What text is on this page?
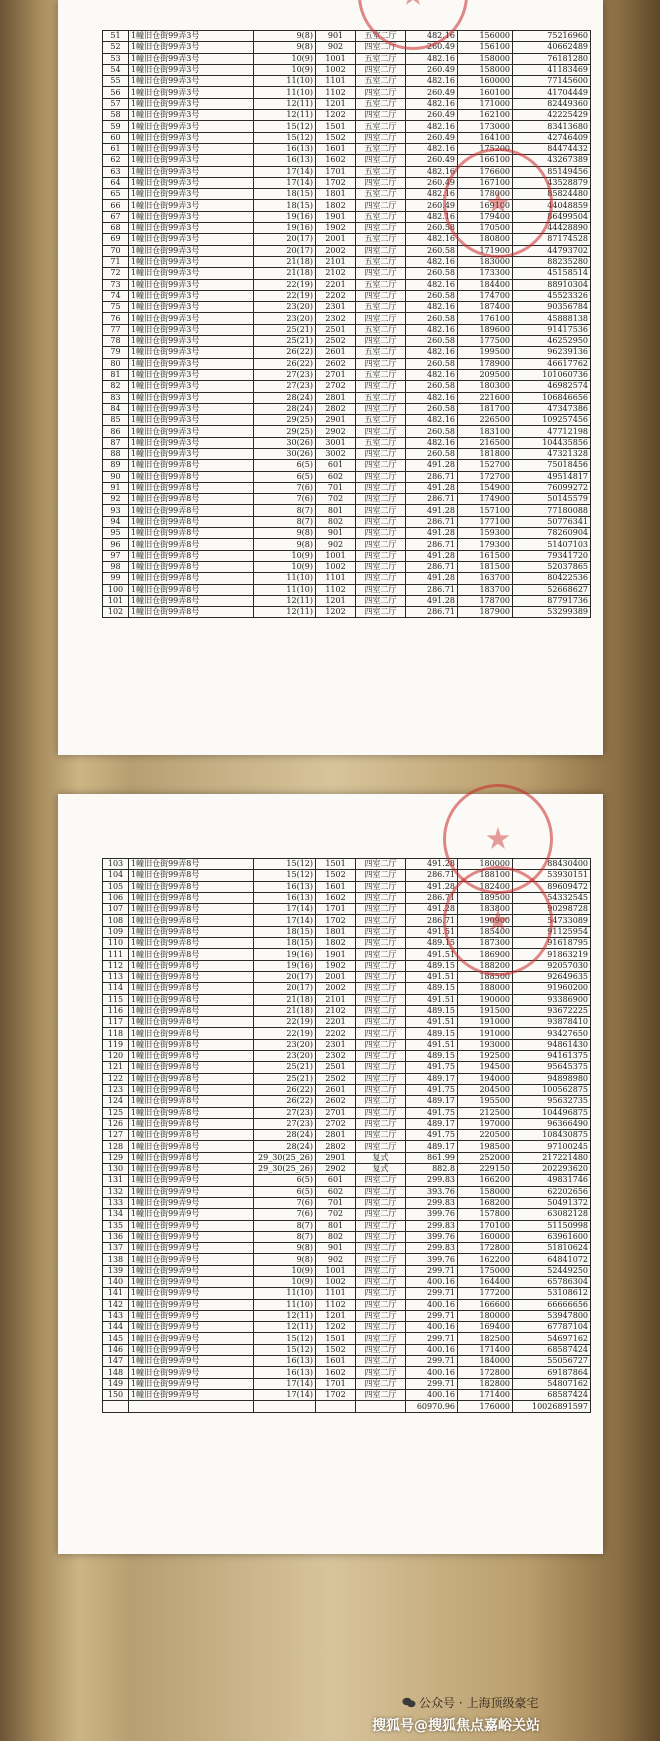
51	1幢旧仓街99弄3号	9(8)	901	五室二厅	482.16	156000	75216960
52	1幢旧仓街99弄3号	9(8)	902	四室二厅	260.49	156100	40662489
53	1幢旧仓街99弄3号	10(9)	1001	五室二厅	482.16	158000	76181280
54	1幢旧仓街99弄3号	10(9)	1002	四室二厅	260.49	158000	41183469
55	1幢旧仓街99弄3号	11(10)	1101	五室二厅	482.16	160000	77145600
56	1幢旧仓街99弄3号	11(10)	1102	四室二厅	260.49	160100	41704449
57	1幢旧仓街99弄3号	12(11)	1201	五室二厅	482.16	171000	82449360
58	1幢旧仓街99弄3号	12(11)	1202	四室二厅	260.49	162100	42225429
59	1幢旧仓街99弄3号	15(12)	1501	五室二厅	482.16	173000	83413680
60	1幢旧仓街99弄3号	15(12)	1502	四室二厅	260.49	164100	42746409
61	1幢旧仓街99弄3号	16(13)	1601	五室二厅	482.16	175200	84474432
62	1幢旧仓街99弄3号	16(13)	1602	四室二厅	260.49	166100	43267389
63	1幢旧仓街99弄3号	17(14)	1701	五室二厅	482.16	176600	85149456
64	1幢旧仓街99弄3号	17(14)	1702	四室二厅	260.49	167100	43528879
65	1幢旧仓街99弄3号	18(15)	1801	五室二厅	482.16	178000	85824480
66	1幢旧仓街99弄3号	18(15)	1802	四室二厅	260.49	169100	44048859
67	1幢旧仓街99弄3号	19(16)	1901	五室二厅	482.16	179400	86499504
68	1幢旧仓街99弄3号	19(16)	1902	四室二厅	260.58	170500	44428890
69	1幢旧仓街99弄3号	20(17)	2001	五室二厅	482.16	180800	87174528
70	1幢旧仓街99弄3号	20(17)	2002	四室二厅	260.58	171900	44793702
71	1幢旧仓街99弄3号	21(18)	2101	五室二厅	482.16	183000	88235280
72	1幢旧仓街99弄3号	21(18)	2102	四室二厅	260.58	173300	45158514
73	1幢旧仓街99弄3号	22(19)	2201	五室二厅	482.16	184400	88910304
74	1幢旧仓街99弄3号	22(19)	2202	四室二厅	260.58	174700	45523326
75	1幢旧仓街99弄3号	23(20)	2301	五室二厅	482.16	187400	90356784
76	1幢旧仓街99弄3号	23(20)	2302	四室二厅	260.58	176100	45888138
77	1幢旧仓街99弄3号	25(21)	2501	五室二厅	482.16	189600	91417536
78	1幢旧仓街99弄3号	25(21)	2502	四室二厅	260.58	177500	46252950
79	1幢旧仓街99弄3号	26(22)	2601	五室二厅	482.16	199500	96239136
80	1幢旧仓街99弄3号	26(22)	2602	四室二厅	260.58	178900	46617762
81	1幢旧仓街99弄3号	27(23)	2701	五室二厅	482.16	209500	101060736
82	1幢旧仓街99弄3号	27(23)	2702	四室二厅	260.58	180300	46982574
83	1幢旧仓街99弄3号	28(24)	2801	五室二厅	482.16	221600	106846656
84	1幢旧仓街99弄3号	28(24)	2802	四室二厅	260.58	181700	47347386
85	1幢旧仓街99弄3号	29(25)	2901	五室二厅	482.16	226500	109257456
86	1幢旧仓街99弄3号	29(25)	2902	四室二厅	260.58	183100	47712198
87	1幢旧仓街99弄3号	30(26)	3001	五室二厅	482.16	216500	104435856
88	1幢旧仓街99弄3号	30(26)	3002	四室二厅	260.58	181800	47321328
89	1幢旧仓街99弄8号	6(5)	601	四室二厅	491.28	152700	75018456
90	1幢旧仓街99弄8号	6(5)	602	四室二厅	286.71	172700	49514817
91	1幢旧仓街99弄8号	7(6)	701	四室二厅	491.28	154900	76099272
92	1幢旧仓街99弄8号	7(6)	702	四室二厅	286.71	174900	50145579
93	1幢旧仓街99弄8号	8(7)	801	四室二厅	491.28	157100	77180088
94	1幢旧仓街99弄8号	8(7)	802	四室二厅	286.71	177100	50776341
95	1幢旧仓街99弄8号	9(8)	901	四室二厅	491.28	159300	78260904
96	1幢旧仓街99弄8号	9(8)	902	四室二厅	286.71	179300	51407103
97	1幢旧仓街99弄8号	10(9)	1001	四室二厅	491.28	161500	79341720
98	1幢旧仓街99弄8号	10(9)	1002	四室二厅	286.71	181500	52037865
99	1幢旧仓街99弄8号	11(10)	1101	四室二厅	491.28	163700	80422536
100	1幢旧仓街99弄8号	11(10)	1102	四室二厅	286.71	183700	52668627
101	1幢旧仓街99弄8号	12(11)	1201	四室二厅	491.28	178700	87791736
102	1幢旧仓街99弄8号	12(11)	1202	四室二厅	286.71	187900	53299389
103	1幢旧仓街99弄8号	15(12)	1501	四室二厅	491.28	180000	88430400
104	1幢旧仓街99弄8号	15(12)	1502	四室二厅	286.71	188100	53930151
105	1幢旧仓街99弄8号	16(13)	1601	四室二厅	491.28	182400	89609472
106	1幢旧仓街99弄8号	16(13)	1602	四室二厅	286.71	189500	54332545
107	1幢旧仓街99弄8号	17(14)	1701	四室二厅	491.28	183800	90298728
108	1幢旧仓街99弄8号	17(14)	1702	四室二厅	286.71	190900	54733089
109	1幢旧仓街99弄8号	18(15)	1801	四室二厅	491.51	185400	91125954
110	1幢旧仓街99弄8号	18(15)	1802	四室二厅	489.15	187300	91618795
111	1幢旧仓街99弄8号	19(16)	1901	四室二厅	491.51	186900	91863219
112	1幢旧仓街99弄8号	19(16)	1902	四室二厅	489.15	188200	92057030
113	1幢旧仓街99弄8号	20(17)	2001	四室二厅	491.51	188500	92649635
114	1幢旧仓街99弄8号	20(17)	2002	四室二厅	489.15	188000	91960200
115	1幢旧仓街99弄8号	21(18)	2101	四室二厅	491.51	190000	93386900
116	1幢旧仓街99弄8号	21(18)	2102	四室二厅	489.15	191500	93672225
117	1幢旧仓街99弄8号	22(19)	2201	四室二厅	491.51	191000	93878410
118	1幢旧仓街99弄8号	22(19)	2202	四室二厅	489.15	191000	93427650
119	1幢旧仓街99弄8号	23(20)	2301	四室二厅	491.51	193000	94861430
120	1幢旧仓街99弄8号	23(20)	2302	四室二厅	489.15	192500	94161375
121	1幢旧仓街99弄8号	25(21)	2501	四室二厅	491.75	194500	95645375
122	1幢旧仓街99弄8号	25(21)	2502	四室二厅	489.17	194000	94898980
123	1幢旧仓街99弄8号	26(22)	2601	四室二厅	491.75	204500	100562875
124	1幢旧仓街99弄8号	26(22)	2602	四室二厅	489.17	195500	95632735
125	1幢旧仓街99弄8号	27(23)	2701	四室二厅	491.75	212500	104496875
126	1幢旧仓街99弄8号	27(23)	2702	四室二厅	489.17	197000	96366490
127	1幢旧仓街99弄8号	28(24)	2801	四室二厅	491.75	220500	108430875
128	1幢旧仓街99弄8号	28(24)	2802	四室二厅	489.17	198500	97100245
129	1幢旧仓街99弄8号	29_30(25_26)	2901	复式	861.99	252000	217221480
130	1幢旧仓街99弄8号	29_30(25_26)	2902	复式	882.8	229150	202293620
131	1幢旧仓街99弄9号	6(5)	601	四室二厅	299.83	166200	49831746
132	1幢旧仓街99弄9号	6(5)	602	四室二厅	393.76	158000	62202656
133	1幢旧仓街99弄9号	7(6)	701	四室二厅	299.83	168200	50491372
134	1幢旧仓街99弄9号	7(6)	702	四室二厅	399.76	157800	63082128
135	1幢旧仓街99弄9号	8(7)	801	四室二厅	299.83	170100	51150998
136	1幢旧仓街99弄9号	8(7)	802	四室二厅	399.76	160000	63961600
137	1幢旧仓街99弄9号	9(8)	901	四室二厅	299.83	172800	51810624
138	1幢旧仓街99弄9号	9(8)	902	四室二厅	399.76	162200	64841072
139	1幢旧仓街99弄9号	10(9)	1001	四室二厅	299.71	175000	52449250
140	1幢旧仓街99弄9号	10(9)	1002	四室二厅	400.16	164400	65786304
141	1幢旧仓街99弄9号	11(10)	1101	四室二厅	299.71	177200	53108612
142	1幢旧仓街99弄9号	11(10)	1102	四室二厅	400.16	166600	66666656
143	1幢旧仓街99弄9号	12(11)	1201	四室二厅	299.71	180000	53947800
144	1幢旧仓街99弄9号	12(11)	1202	四室二厅	400.16	169400	67787104
145	1幢旧仓街99弄9号	15(12)	1501	四室二厅	299.71	182500	54697162
146	1幢旧仓街99弄9号	15(12)	1502	四室二厅	400.16	171400	68587424
147	1幢旧仓街99弄9号	16(13)	1601	四室二厅	299.71	184000	55056727
148	1幢旧仓街99弄9号	16(13)	1602	四室二厅	400.16	172800	69187864
149	1幢旧仓街99弄9号	17(14)	1701	四室二厅	299.71	182800	54807162
150	1幢旧仓街99弄9号	17(14)	1702	四室二厅	400.16	171400	68587424
					60970.96	176000	10026891597
公众号 · 上海顶级豪宅
搜狐号@搜狐焦点嘉峪关站
